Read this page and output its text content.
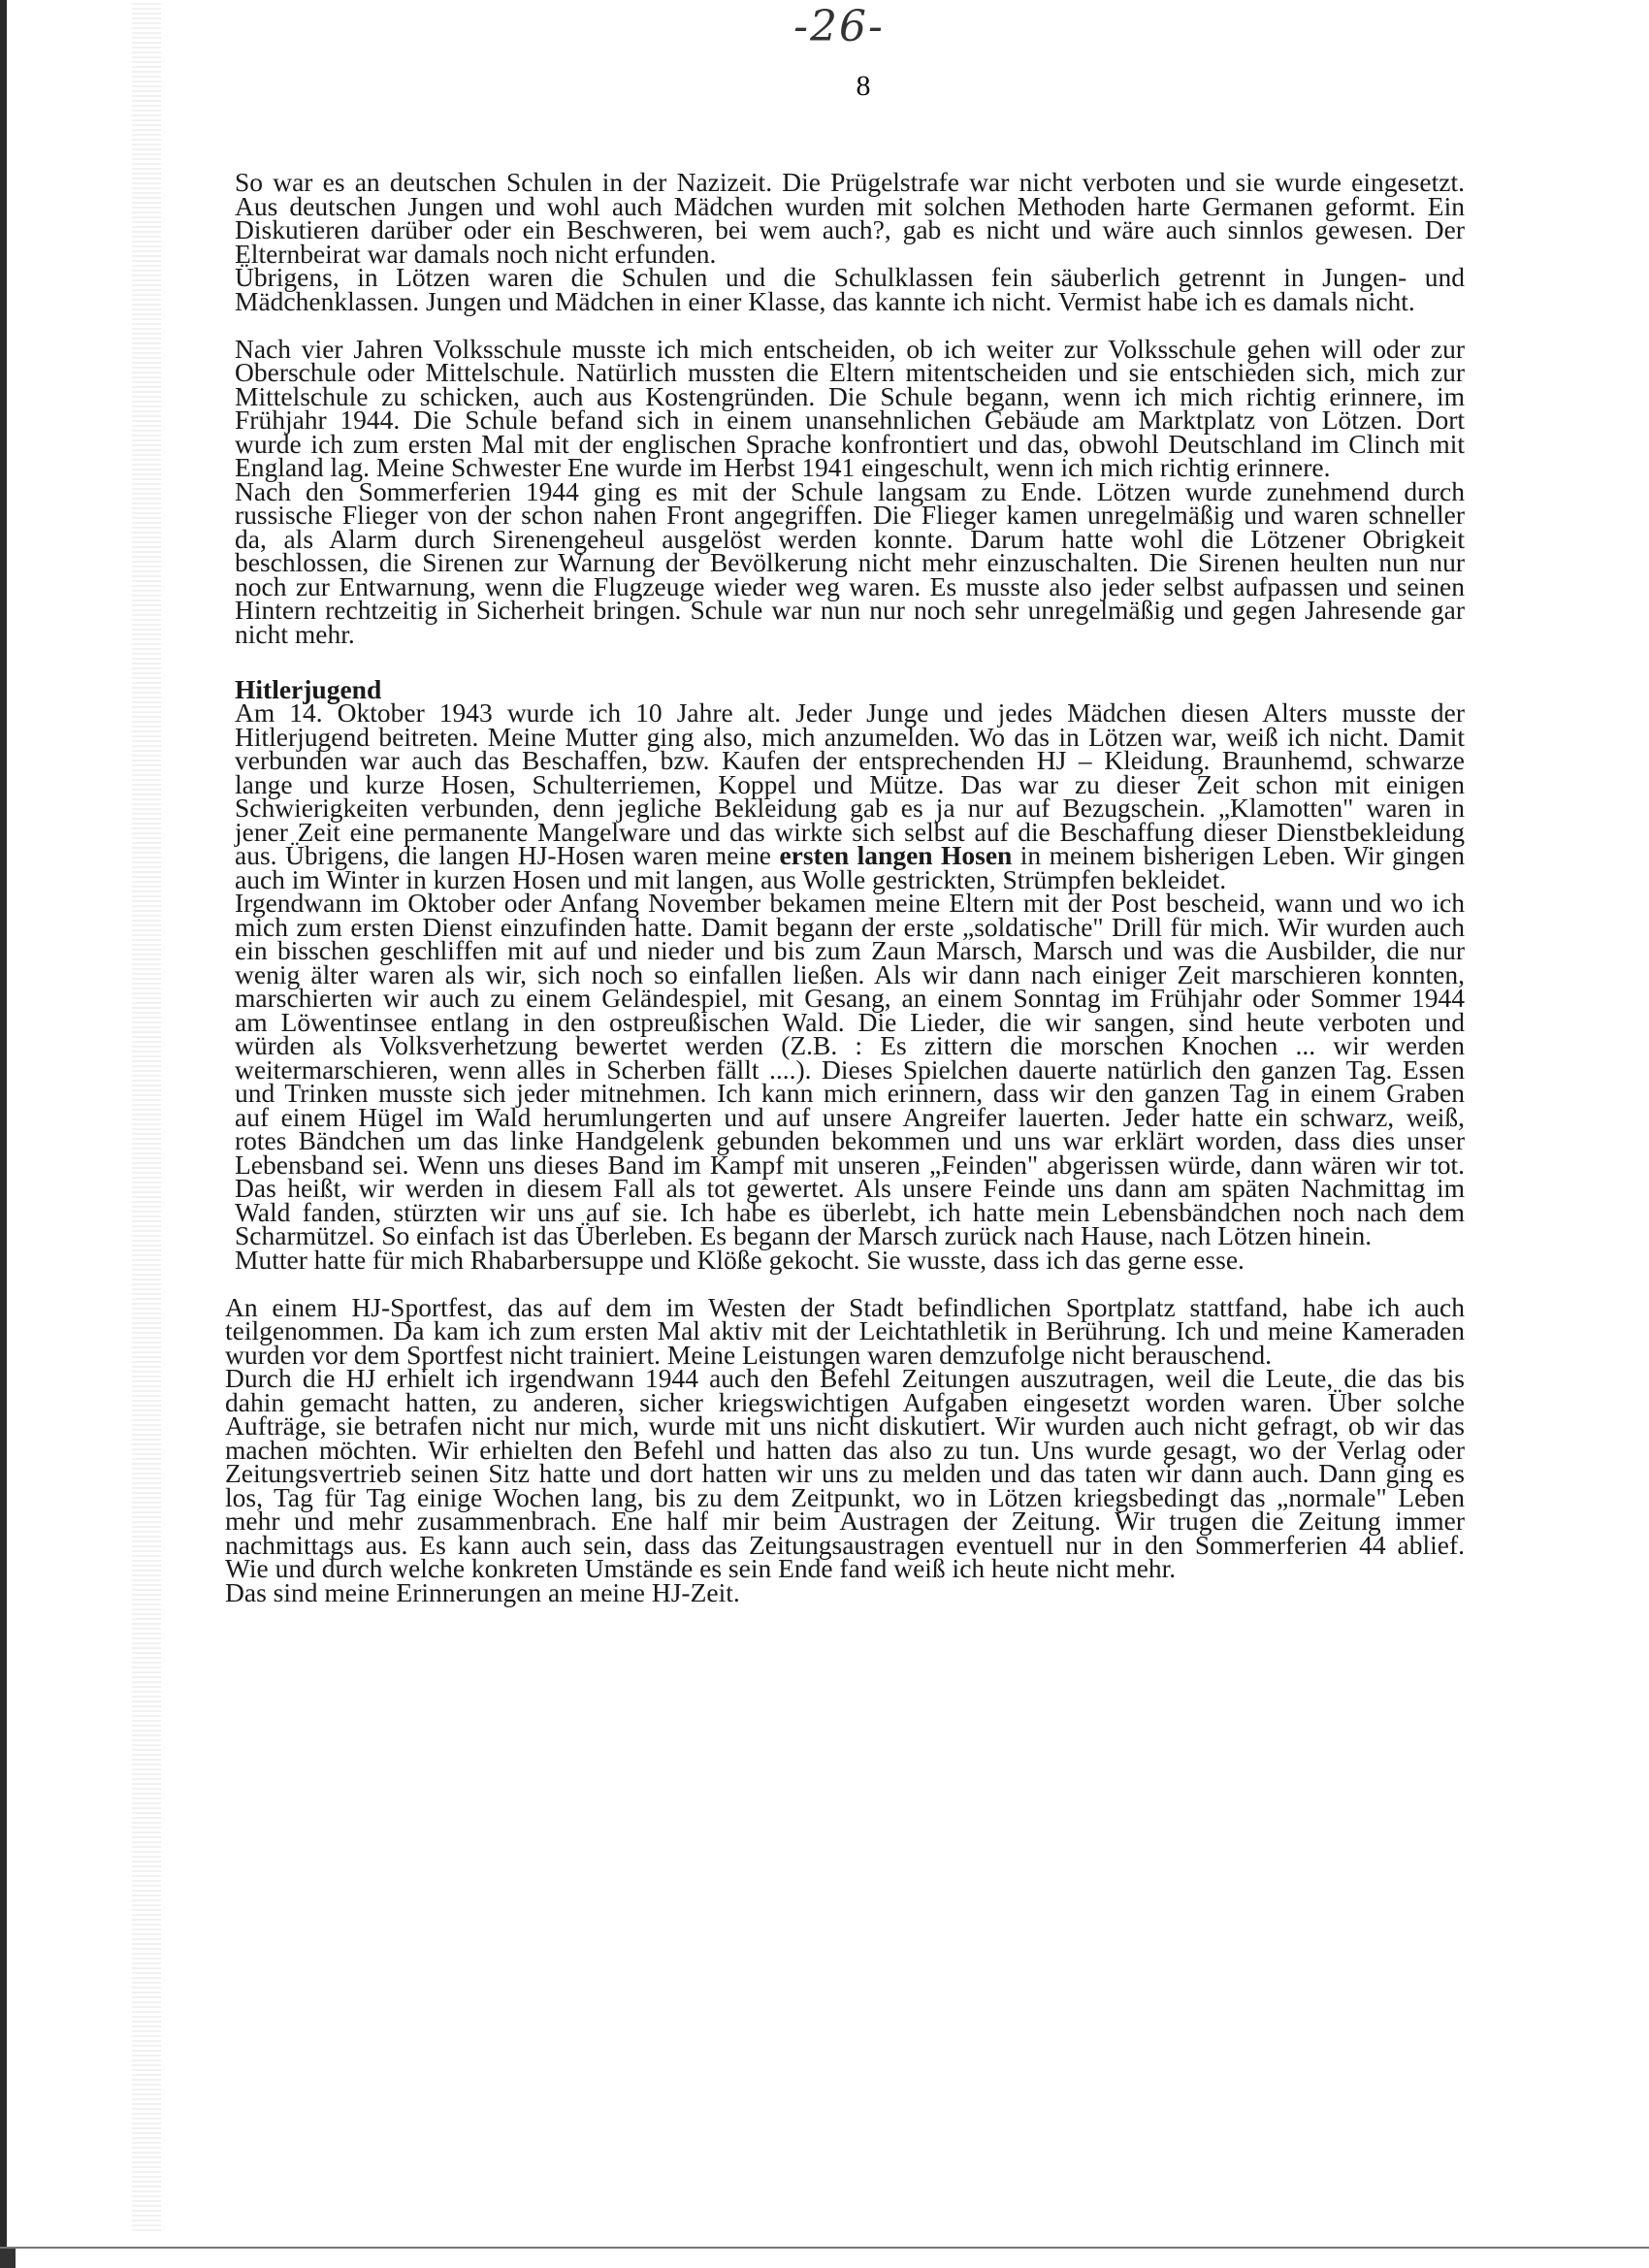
-26-
8
So war es an deutschen Schulen in der Nazizeit. Die Prügelstrafe war nicht verboten und sie wurde eingesetzt.
Aus deutschen Jungen und wohl auch Mädchen wurden mit solchen Methoden harte Germanen geformt. Ein
Diskutieren darüber oder ein Beschweren, bei wem auch?, gab es nicht und wäre auch sinnlos gewesen. Der
Elternbeirat war damals noch nicht erfunden.
Übrigens, in Lötzen waren die Schulen und die Schulklassen fein säuberlich getrennt in Jungen- und
Mädchenklassen. Jungen und Mädchen in einer Klasse, das kannte ich nicht. Vermist habe ich es damals nicht.
Nach vier Jahren Volksschule musste ich mich entscheiden, ob ich weiter zur Volksschule gehen will oder zur
Oberschule oder Mittelschule. Natürlich mussten die Eltern mitentscheiden und sie entschieden sich, mich zur
Mittelschule zu schicken, auch aus Kostengründen. Die Schule begann, wenn ich mich richtig erinnere, im
Frühjahr 1944. Die Schule befand sich in einem unansehnlichen Gebäude am Marktplatz von Lötzen. Dort
wurde ich zum ersten Mal mit der englischen Sprache konfrontiert und das, obwohl Deutschland im Clinch mit
England lag. Meine Schwester Ene wurde im Herbst 1941 eingeschult, wenn ich mich richtig erinnere.
Nach den Sommerferien 1944 ging es mit der Schule langsam zu Ende. Lötzen wurde zunehmend durch
russische Flieger von der schon nahen Front angegriffen. Die Flieger kamen unregelmäßig und waren schneller
da, als Alarm durch Sirenengeheul ausgelöst werden konnte. Darum hatte wohl die Lötzener Obrigkeit
beschlossen, die Sirenen zur Warnung der Bevölkerung nicht mehr einzuschalten. Die Sirenen heulten nun nur
noch zur Entwarnung, wenn die Flugzeuge wieder weg waren. Es musste also jeder selbst aufpassen und seinen
Hintern rechtzeitig in Sicherheit bringen. Schule war nun nur noch sehr unregelmäßig und gegen Jahresende gar
nicht mehr.
Hitlerjugend
Am 14. Oktober 1943 wurde ich 10 Jahre alt. Jeder Junge und jedes Mädchen diesen Alters musste der
Hitlerjugend beitreten. Meine Mutter ging also, mich anzumelden. Wo das in Lötzen war, weiß ich nicht. Damit
verbunden war auch das Beschaffen, bzw. Kaufen der entsprechenden HJ – Kleidung. Braunhemd, schwarze
lange und kurze Hosen, Schulterriemen, Koppel und Mütze. Das war zu dieser Zeit schon mit einigen
Schwierigkeiten verbunden, denn jegliche Bekleidung gab es ja nur auf Bezugschein. „Klamotten" waren in
jener Zeit eine permanente Mangelware und das wirkte sich selbst auf die Beschaffung dieser Dienstbekleidung
aus. Übrigens, die langen HJ-Hosen waren meine ersten langen Hosen in meinem bisherigen Leben. Wir gingen
auch im Winter in kurzen Hosen und mit langen, aus Wolle gestrickten, Strümpfen bekleidet.
Irgendwann im Oktober oder Anfang November bekamen meine Eltern mit der Post bescheid, wann und wo ich
mich zum ersten Dienst einzufinden hatte. Damit begann der erste „soldatische" Drill für mich. Wir wurden auch
ein bisschen geschliffen mit auf und nieder und bis zum Zaun Marsch, Marsch und was die Ausbilder, die nur
wenig älter waren als wir, sich noch so einfallen ließen. Als wir dann nach einiger Zeit marschieren konnten,
marschierten wir auch zu einem Geländespiel, mit Gesang, an einem Sonntag im Frühjahr oder Sommer 1944
am Löwentinsee entlang in den ostpreußischen Wald. Die Lieder, die wir sangen, sind heute verboten und
würden als Volksverhetzung bewertet werden (Z.B. : Es zittern die morschen Knochen ... wir werden
weitermarschieren, wenn alles in Scherben fällt ....). Dieses Spielchen dauerte natürlich den ganzen Tag. Essen
und Trinken musste sich jeder mitnehmen. Ich kann mich erinnern, dass wir den ganzen Tag in einem Graben
auf einem Hügel im Wald herumlungerten und auf unsere Angreifer lauerten. Jeder hatte ein schwarz, weiß,
rotes Bändchen um das linke Handgelenk gebunden bekommen und uns war erklärt worden, dass dies unser
Lebensband sei. Wenn uns dieses Band im Kampf mit unseren „Feinden" abgerissen würde, dann wären wir tot.
Das heißt, wir werden in diesem Fall als tot gewertet. Als unsere Feinde uns dann am späten Nachmittag im
Wald fanden, stürzten wir uns auf sie. Ich habe es überlebt, ich hatte mein Lebensbändchen noch nach dem
Scharmützel. So einfach ist das Überleben. Es begann der Marsch zurück nach Hause, nach Lötzen hinein.
Mutter hatte für mich Rhabarbersuppe und Klöße gekocht. Sie wusste, dass ich das gerne esse.
An einem HJ-Sportfest, das auf dem im Westen der Stadt befindlichen Sportplatz stattfand, habe ich auch
teilgenommen. Da kam ich zum ersten Mal aktiv mit der Leichtathletik in Berührung. Ich und meine Kameraden
wurden vor dem Sportfest nicht trainiert. Meine Leistungen waren demzufolge nicht berauschend.
Durch die HJ erhielt ich irgendwann 1944 auch den Befehl Zeitungen auszutragen, weil die Leute, die das bis
dahin gemacht hatten, zu anderen, sicher kriegswichtigen Aufgaben eingesetzt worden waren. Über solche
Aufträge, sie betrafen nicht nur mich, wurde mit uns nicht diskutiert. Wir wurden auch nicht gefragt, ob wir das
machen möchten. Wir erhielten den Befehl und hatten das also zu tun. Uns wurde gesagt, wo der Verlag oder
Zeitungsvertrieb seinen Sitz hatte und dort hatten wir uns zu melden und das taten wir dann auch. Dann ging es
los, Tag für Tag einige Wochen lang, bis zu dem Zeitpunkt, wo in Lötzen kriegsbedingt das „normale" Leben
mehr und mehr zusammenbrach. Ene half mir beim Austragen der Zeitung. Wir trugen die Zeitung immer
nachmittags aus. Es kann auch sein, dass das Zeitungsaustragen eventuell nur in den Sommerferien 44 ablief.
Wie und durch welche konkreten Umstände es sein Ende fand weiß ich heute nicht mehr.
Das sind meine Erinnerungen an meine HJ-Zeit.
